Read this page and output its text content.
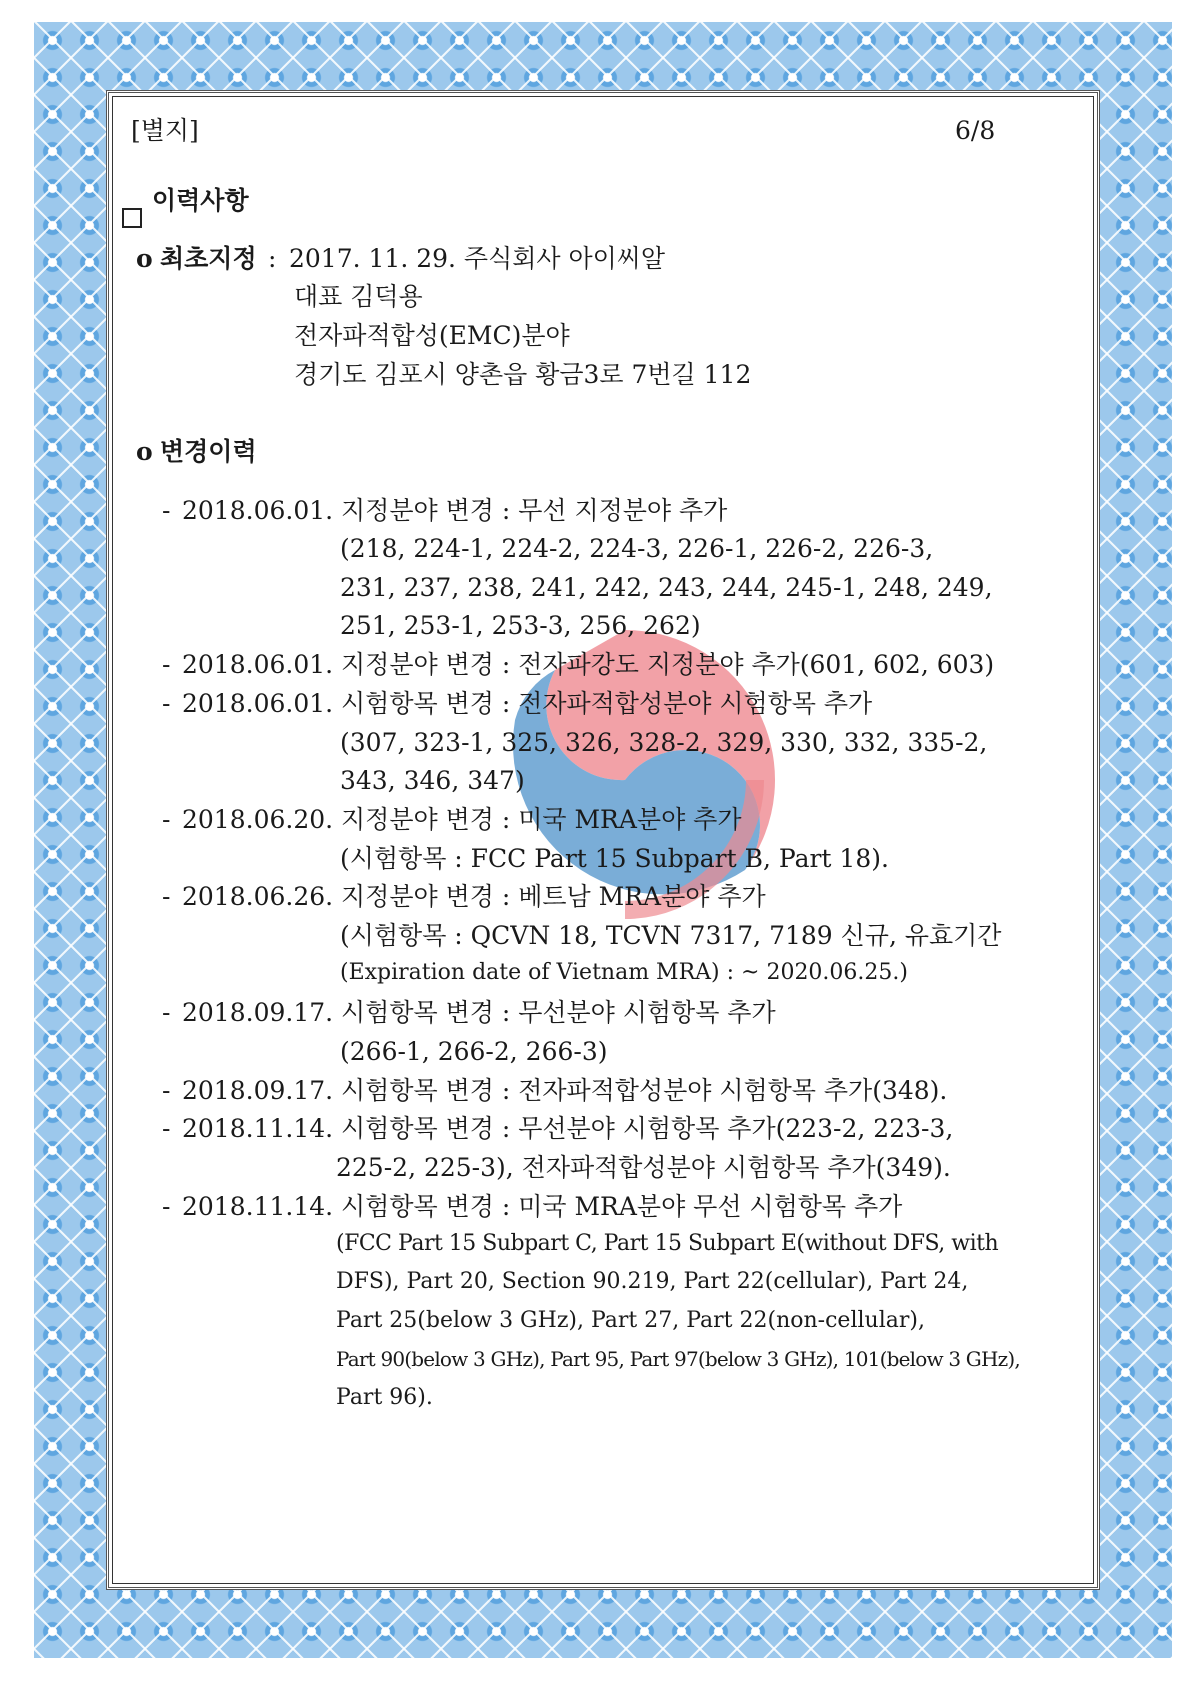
[별지]	6/8
이력사항
o 최초지정 : 2017. 11. 29. 주식회사 아이씨알
대표 김덕용
전자파적합성(EMC)분야
경기도 김포시 양촌읍 황금3로 7번길 112
o 변경이력
- 2018.06.01. 지정분야 변경 : 무선 지정분야 추가
(218, 224-1, 224-2, 224-3, 226-1, 226-2, 226-3,
231, 237, 238, 241, 242, 243, 244, 245-1, 248, 249,
251, 253-1, 253-3, 256, 262)
- 2018.06.01. 지정분야 변경 : 전자파강도 지정분야 추가(601, 602, 603)
- 2018.06.01. 시험항목 변경 : 전자파적합성분야 시험항목 추가
(307, 323-1, 325, 326, 328-2, 329, 330, 332, 335-2,
343, 346, 347)
- 2018.06.20. 지정분야 변경 : 미국 MRA분야 추가
(시험항목 : FCC Part 15 Subpart B, Part 18).
- 2018.06.26. 지정분야 변경 : 베트남 MRA분야 추가
(시험항목 : QCVN 18, TCVN 7317, 7189 신규, 유효기간
(Expiration date of Vietnam MRA) : ~ 2020.06.25.)
- 2018.09.17. 시험항목 변경 : 무선분야 시험항목 추가
(266-1, 266-2, 266-3)
- 2018.09.17. 시험항목 변경 : 전자파적합성분야 시험항목 추가(348).
- 2018.11.14. 시험항목 변경 : 무선분야 시험항목 추가(223-2, 223-3,
225-2, 225-3), 전자파적합성분야 시험항목 추가(349).
- 2018.11.14. 시험항목 변경 : 미국 MRA분야 무선 시험항목 추가
(FCC Part 15 Subpart C, Part 15 Subpart E(without DFS, with
DFS), Part 20, Section 90.219, Part 22(cellular), Part 24,
Part 25(below 3 GHz), Part 27, Part 22(non-cellular),
Part 90(below 3 GHz), Part 95, Part 97(below 3 GHz), 101(below 3 GHz),
Part 96).
